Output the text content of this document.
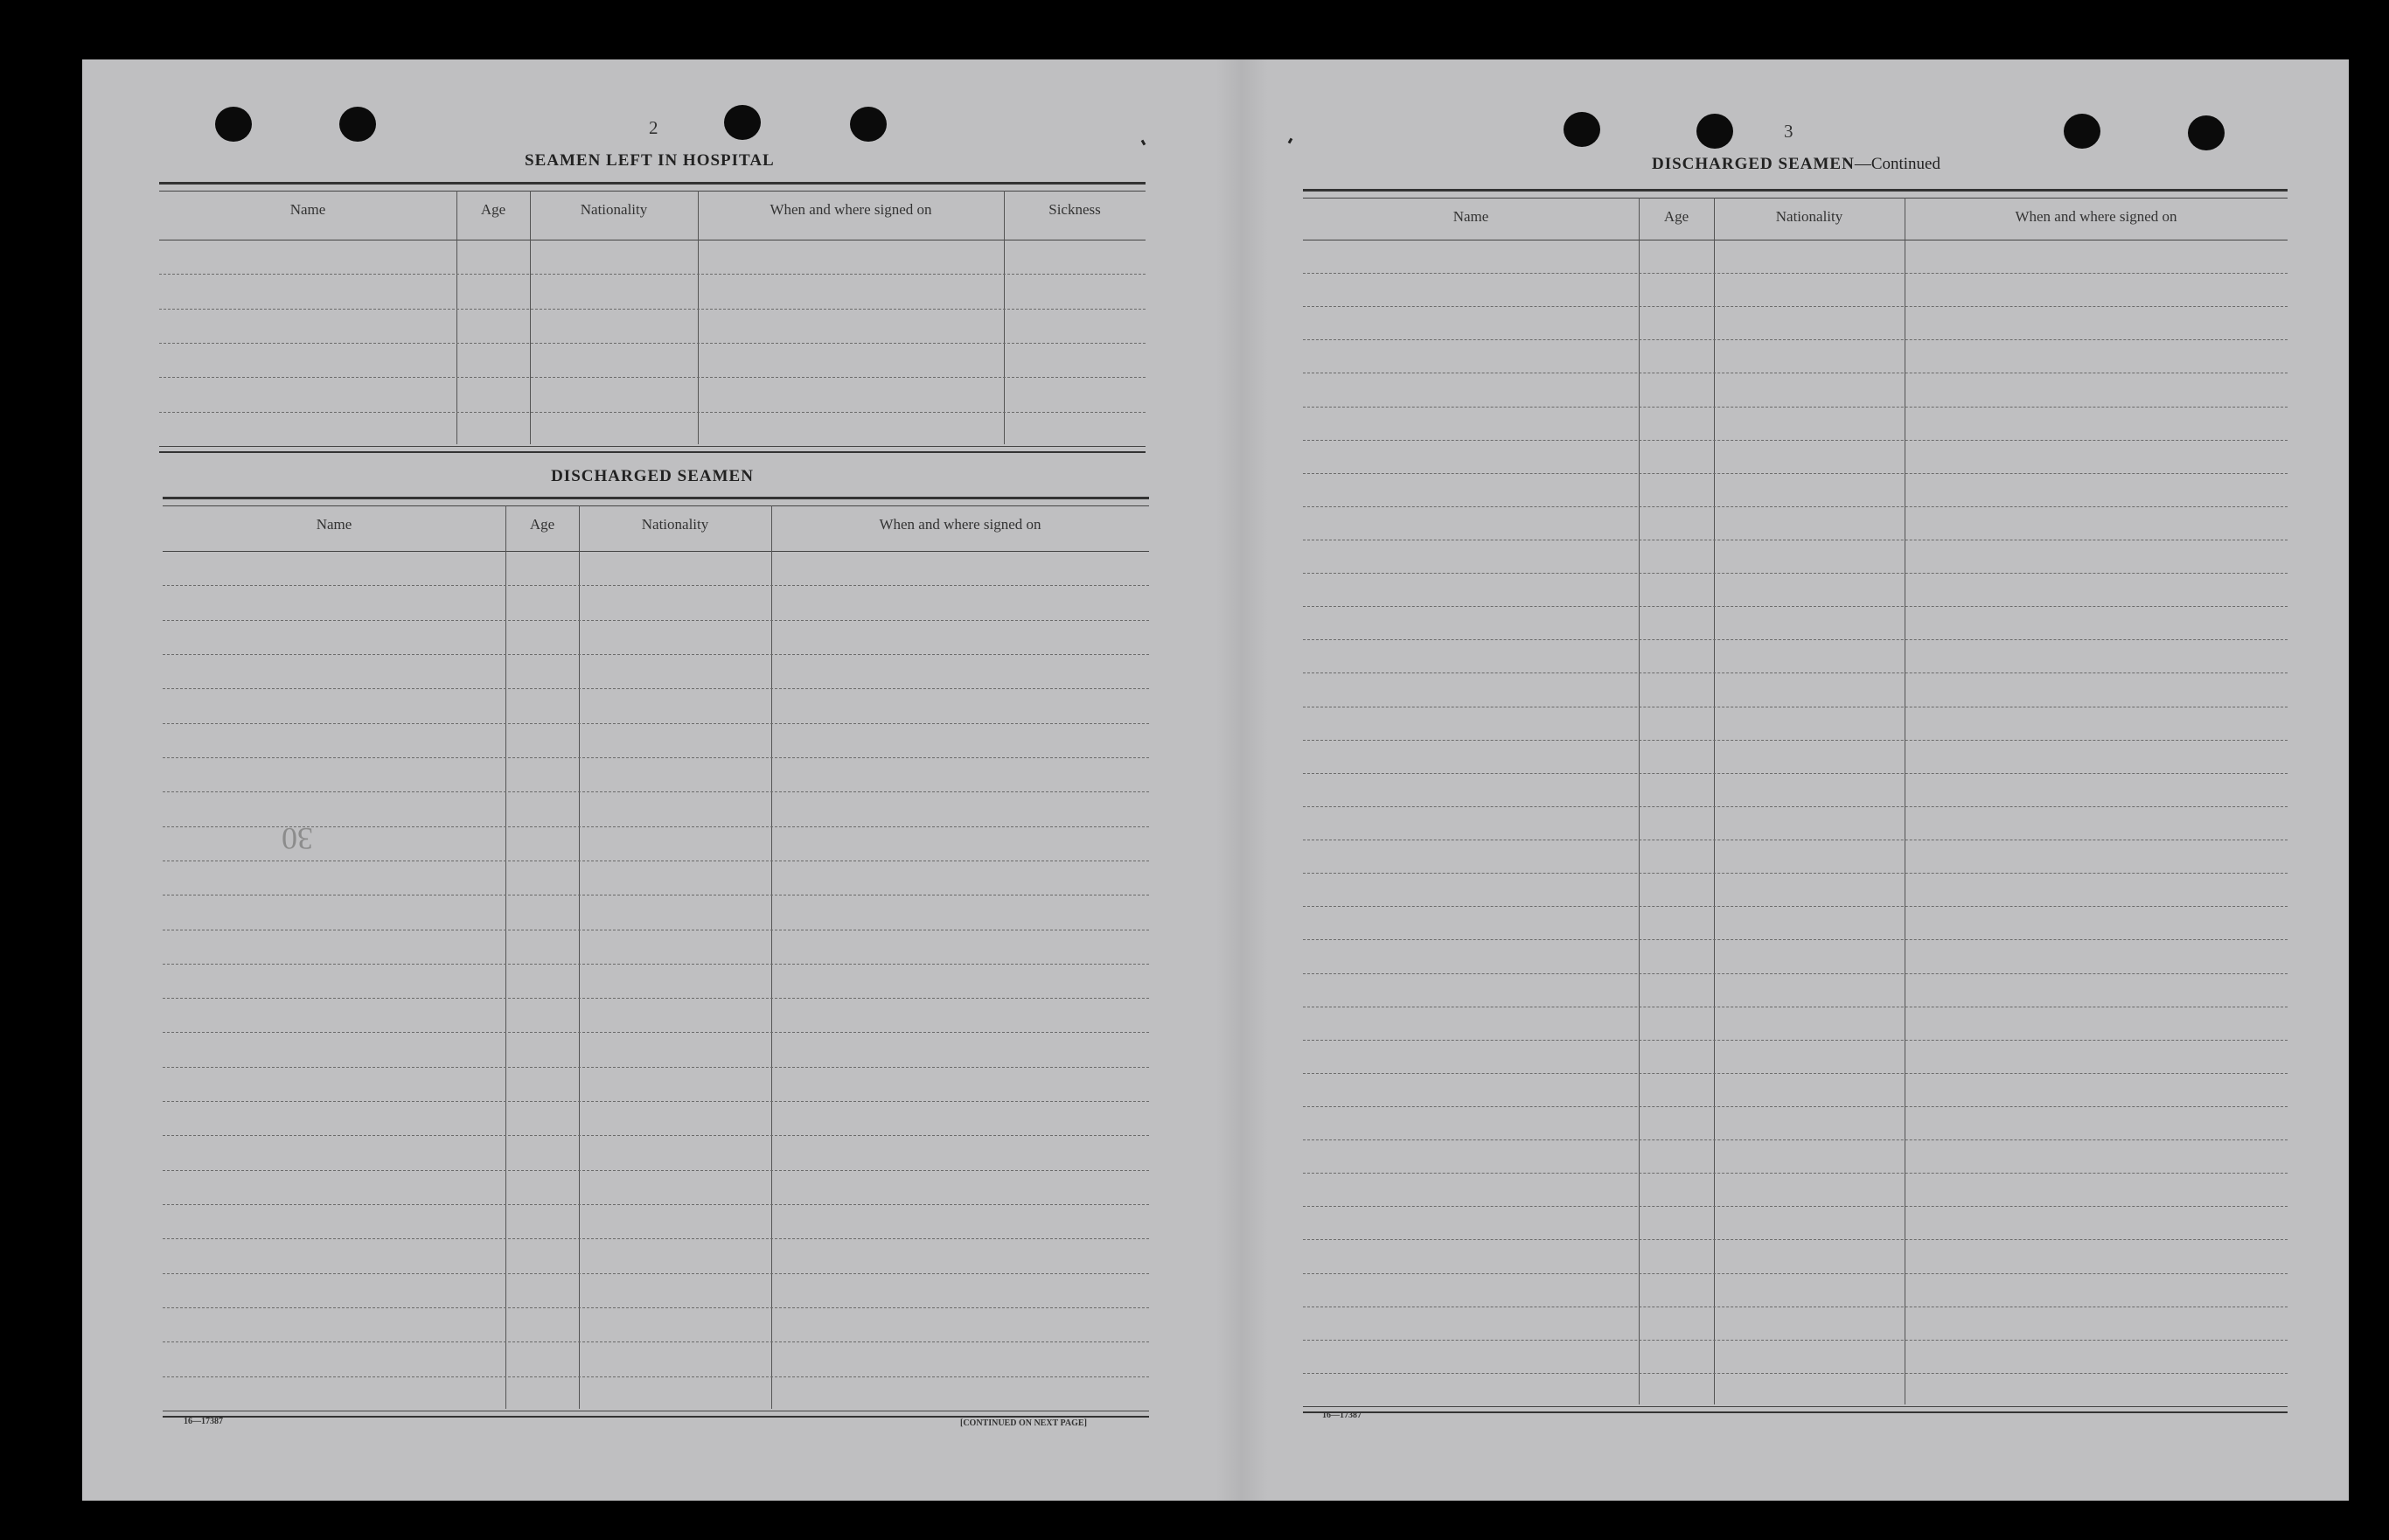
2
SEAMEN LEFT IN HOSPITAL
Name	Age	Nationality	When and where signed on	Sickness
DISCHARGED SEAMEN
Name	Age	Nationality	When and where signed on
30
16—17387	[CONTINUED ON NEXT PAGE]
3
DISCHARGED SEAMEN—Continued
Name	Age	Nationality	When and where signed on
16—17387
